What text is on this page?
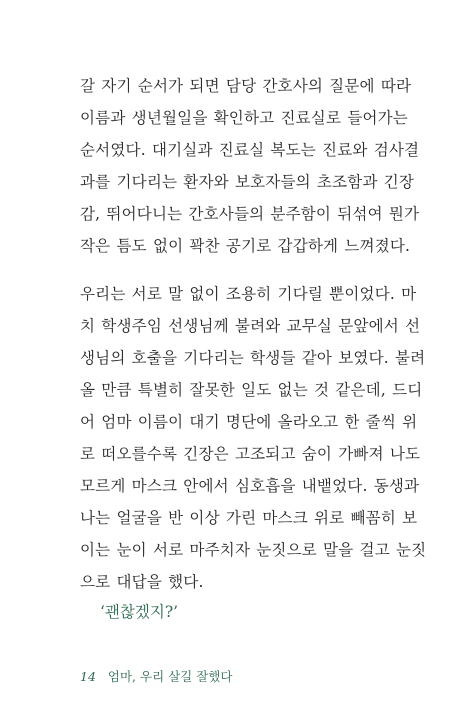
갈 자기 순서가 되면 담당 간호사의 질문에 따라
이름과 생년월일을 확인하고 진료실로 들어가는
순서였다. 대기실과 진료실 복도는 진료와 검사결
과를 기다리는 환자와 보호자들의 초조함과 긴장
감, 뛰어다니는 간호사들의 분주함이 뒤섞여 뭔가
작은 틈도 없이 꽉찬 공기로 갑갑하게 느껴졌다.

우리는 서로 말 없이 조용히 기다릴 뿐이었다. 마
치 학생주임 선생님께 불려와 교무실 문앞에서 선
생님의 호출을 기다리는 학생들 같아 보였다. 불려
올 만큼 특별히 잘못한 일도 없는 것 같은데, 드디
어 엄마 이름이 대기 명단에 올라오고 한 줄씩 위
로 떠오를수록 긴장은 고조되고 숨이 가빠져 나도
모르게 마스크 안에서 심호흡을 내뱉었다. 동생과
나는 얼굴을 반 이상 가린 마스크 위로 빼꼼히 보
이는 눈이 서로 마주치자 눈짓으로 말을 걸고 눈짓
으로 대답을 했다.

‘괜찮겠지?’
14 엄마, 우리 살길 잘했다
